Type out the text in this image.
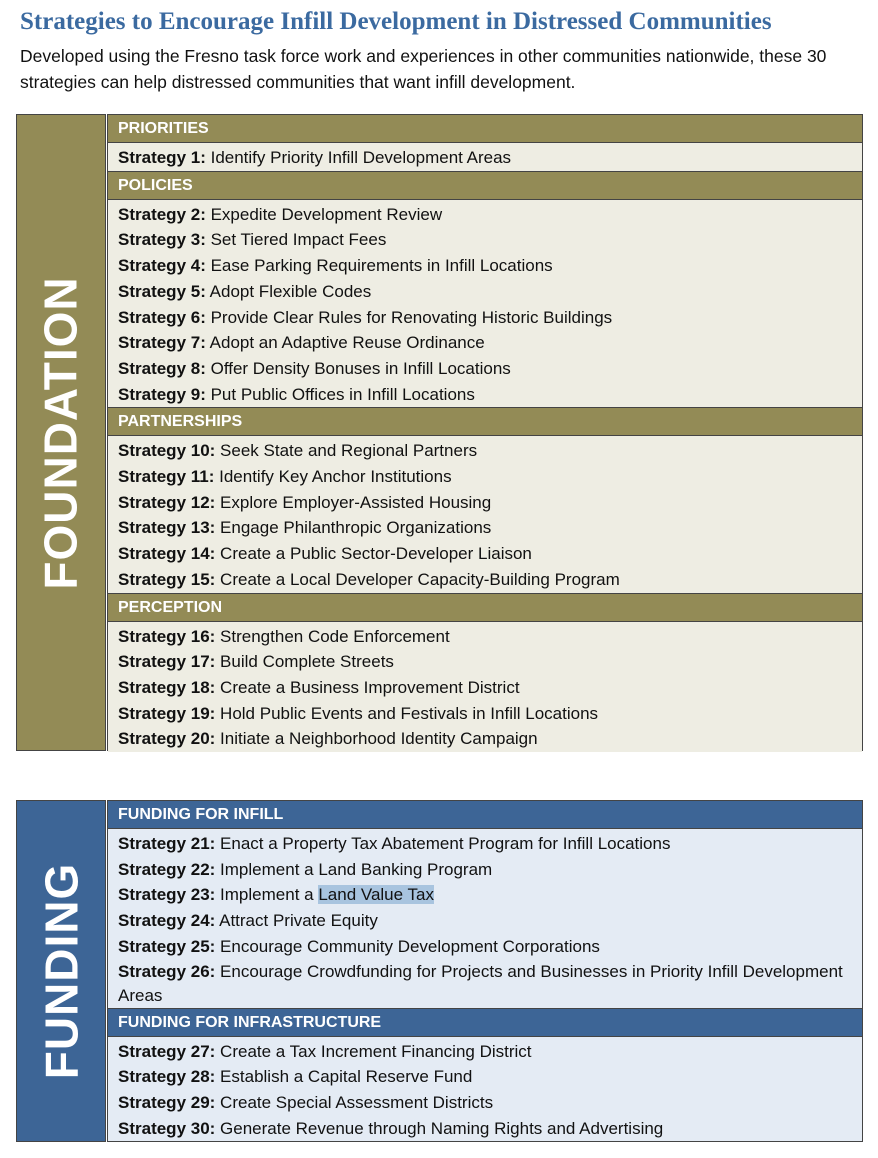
Strategies to Encourage Infill Development in Distressed Communities
Developed using the Fresno task force work and experiences in other communities nationwide, these 30 strategies can help distressed communities that want infill development.
FOUNDATION
PRIORITIES
Strategy 1: Identify Priority Infill Development Areas
POLICIES
Strategy 2: Expedite Development Review
Strategy 3: Set Tiered Impact Fees
Strategy 4: Ease Parking Requirements in Infill Locations
Strategy 5: Adopt Flexible Codes
Strategy 6: Provide Clear Rules for Renovating Historic Buildings
Strategy 7: Adopt an Adaptive Reuse Ordinance
Strategy 8: Offer Density Bonuses in Infill Locations
Strategy 9: Put Public Offices in Infill Locations
PARTNERSHIPS
Strategy 10: Seek State and Regional Partners
Strategy 11: Identify Key Anchor Institutions
Strategy 12: Explore Employer-Assisted Housing
Strategy 13: Engage Philanthropic Organizations
Strategy 14: Create a Public Sector-Developer Liaison
Strategy 15: Create a Local Developer Capacity-Building Program
PERCEPTION
Strategy 16: Strengthen Code Enforcement
Strategy 17: Build Complete Streets
Strategy 18: Create a Business Improvement District
Strategy 19: Hold Public Events and Festivals in Infill Locations
Strategy 20: Initiate a Neighborhood Identity Campaign
FUNDING
FUNDING FOR INFILL
Strategy 21: Enact a Property Tax Abatement Program for Infill Locations
Strategy 22: Implement a Land Banking Program
Strategy 23: Implement a Land Value Tax
Strategy 24: Attract Private Equity
Strategy 25: Encourage Community Development Corporations
Strategy 26: Encourage Crowdfunding for Projects and Businesses in Priority Infill Development Areas
FUNDING FOR INFRASTRUCTURE
Strategy 27: Create a Tax Increment Financing District
Strategy 28: Establish a Capital Reserve Fund
Strategy 29: Create Special Assessment Districts
Strategy 30: Generate Revenue through Naming Rights and Advertising
